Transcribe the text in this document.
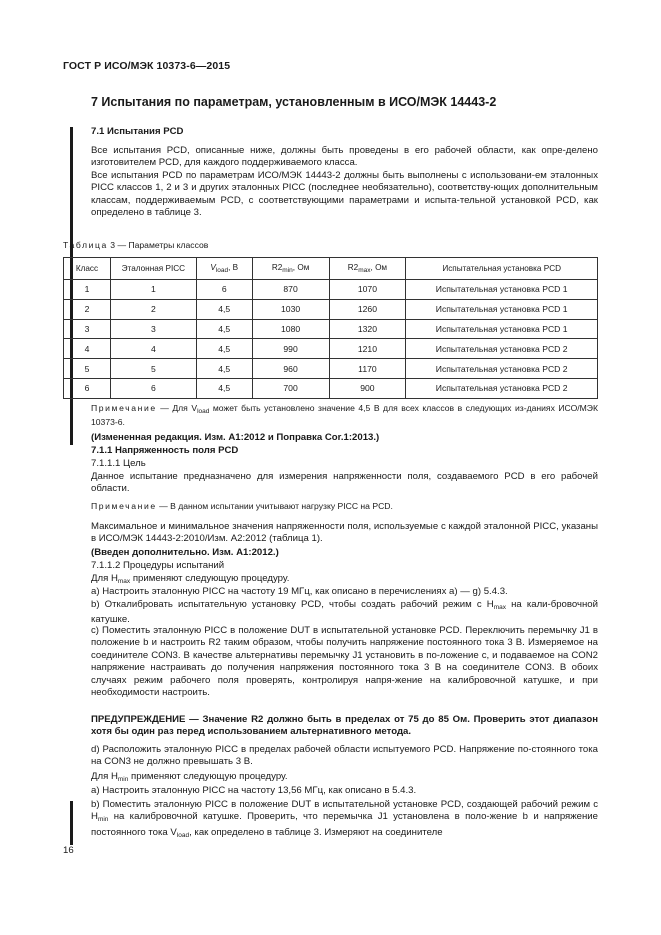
ГОСТ Р ИСО/МЭК 10373-6—2015
7 Испытания по параметрам, установленным в ИСО/МЭК 14443-2
7.1 Испытания PCD

Все испытания PCD, описанные ниже, должны быть проведены в его рабочей области, как опре-делено изготовителем PCD, для каждого поддерживаемого класса.

Все испытания PCD по параметрам ИСО/МЭК 14443-2 должны быть выполнены с использовани-ем эталонных PICC классов 1, 2 и 3 и других эталонных PICC (последнее необязательно), соответству-ющих дополнительным классам, поддерживаемым PCD, с соответствующими параметрами и испыта-тельной установкой PCD, как определено в таблице 3.

Таблица 3 — Параметры классов
Класс	Эталонная PICC	$V_{load}$, В	$R2_{min}$, Ом	$R2_{max}$, Ом	Испытательная установка PCD
1	1	6	870	1070	Испытательная установка PCD 1
2	2	4,5	1030	1260	Испытательная установка PCD 1
3	3	4,5	1080	1320	Испытательная установка PCD 1
4	4	4,5	990	1210	Испытательная установка PCD 2
5	5	4,5	960	1170	Испытательная установка PCD 2
6	6	4,5	700	900	Испытательная установка PCD 2
Примечание — Для $V_{load}$ может быть установлено значение 4,5 В для всех классов в следующих из-даниях ИСО/МЭК 10373-6.
(Измененная редакция. Изм. А1:2012 и Поправка Cor.1:2013.)
7.1.1 Напряженность поля PCD
7.1.1.1 Цель

Данное испытание предназначено для измерения напряженности поля, создаваемого PCD в его рабочей области.

Примечание — В данном испытании учитывают нагрузку PICC на PCD.

Максимальное и минимальное значения напряженности поля, используемые с каждой эталонной PICC, указаны в ИСО/МЭК 14443-2:2010/Изм. А2:2012 (таблица 1).

(Введен дополнительно. Изм. А1:2012.)
7.1.1.2 Процедуры испытаний
Для $H_{max}$ применяют следующую процедуру.
a) Настроить эталонную PICC на частоту 19 МГц, как описано в перечислениях а) — g) 5.4.3.

b) Откалибровать испытательную установку PCD, чтобы создать рабочий режим с $H_{max}$ на кали-бровочной катушке.

c) Поместить эталонную PICC в положение DUT в испытательной установке PCD. Переключить перемычку J1 в положение b и настроить R2 таким образом, чтобы получить напряжение постоянного тока 3 В. Измеряемое на соединителе CON3. В качестве альтернативы перемычку J1 установить в по-ложение с, и подаваемое на CON2 напряжение настраивать до получения напряжения постоянного тока 3 В на соединителе CON3. В обоих случаях режим рабочего поля проверять, контролируя напря-жение на калибровочной катушке, и при необходимости настроить.

ПРЕДУПРЕЖДЕНИЕ — Значение R2 должно быть в пределах от 75 до 85 Ом. Проверить этот диапазон хотя бы один раз перед использованием альтернативного метода.

d) Расположить эталонную PICC в пределах рабочей области испытуемого PCD. Напряжение по-стоянного тока на CON3 не должно превышать 3 В.

Для $H_{min}$ применяют следующую процедуру.
a) Настроить эталонную PICC на частоту 13,56 МГц, как описано в 5.4.3.

b) Поместить эталонную PICC в положение DUT в испытательной установке PCD, создающей рабочий режим с $H_{min}$ на калибровочной катушке. Проверить, что перемычка J1 установлена в поло-жение b и напряжение постоянного тока $V_{load}$, как определено в таблице 3. Измеряют на соединителе

16
